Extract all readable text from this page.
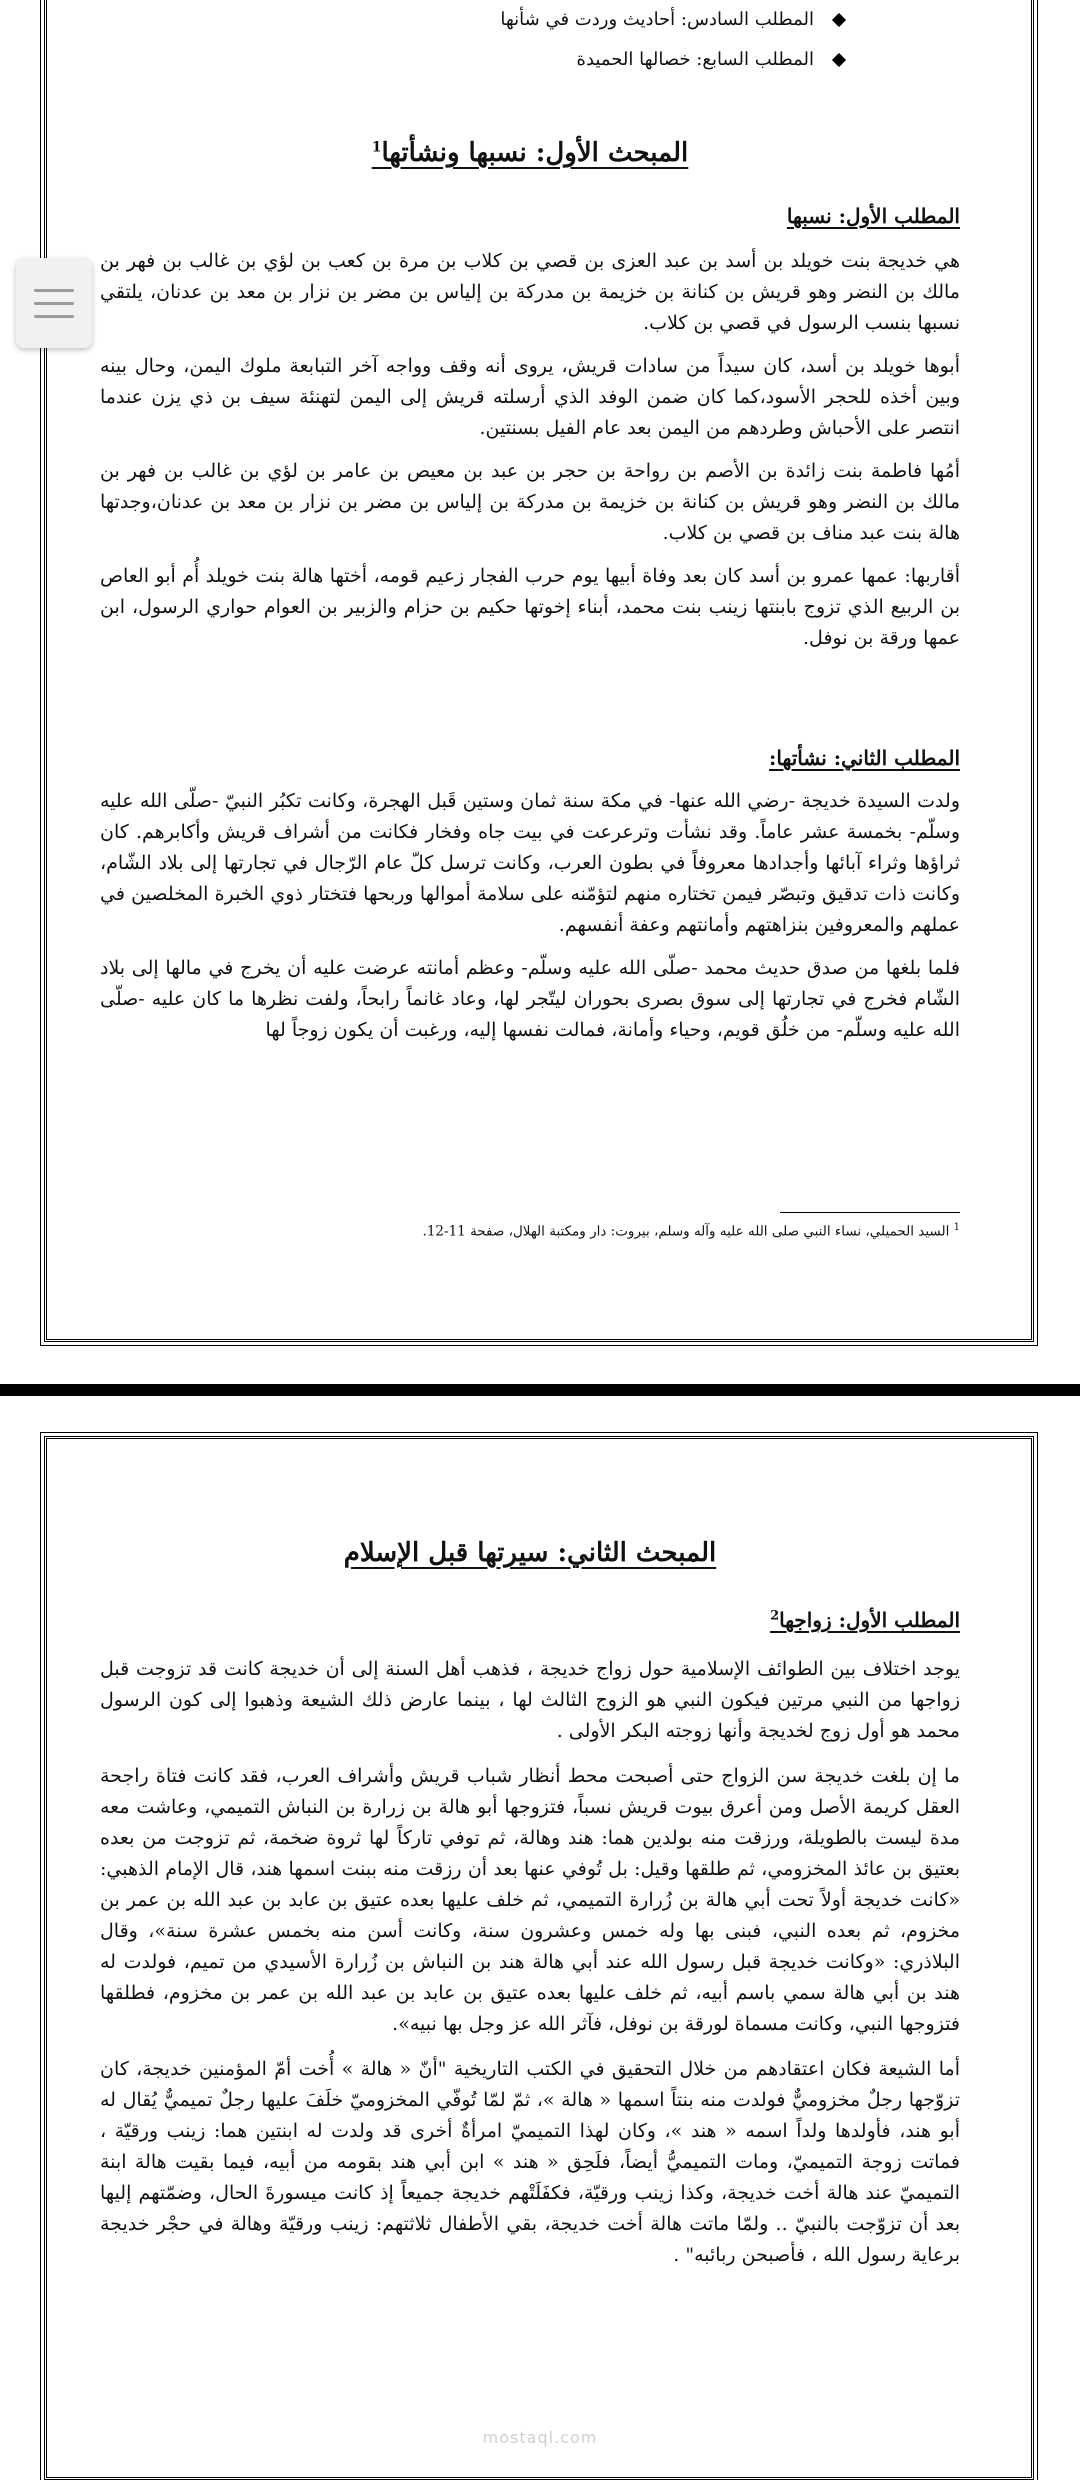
المطلب السادس: أحاديث وردت في شأنها
المطلب السابع: خصالها الحميدة
المبحث الأول: نسبها ونشأتها$^1$
المطلب الأول: نسبها

هي خديجة بنت خويلد بن أسد بن عبد العزى بن قصي بن كلاب بن مرة بن كعب بن لؤي بن غالب بن فهر بن مالك بن النضر وهو قريش بن كنانة بن خزيمة بن مدركة بن إلياس بن مضر بن نزار بن معد بن عدنان، يلتقي نسبها بنسب الرسول في قصي بن كلاب.

أبوها خويلد بن أسد، كان سيداً من سادات قريش، يروى أنه وقف وواجه آخر التبابعة ملوك اليمن، وحال بينه وبين أخذه للحجر الأسود،كما كان ضمن الوفد الذي أرسلته قريش إلى اليمن لتهنئة سيف بن ذي يزن عندما انتصر على الأحباش وطردهم من اليمن بعد عام الفيل بسنتين.

أمُها فاطمة بنت زائدة بن الأصم بن رواحة بن حجر بن عبد بن معيص بن عامر بن لؤي بن غالب بن فهر بن مالك بن النضر وهو قريش بن كنانة بن خزيمة بن مدركة بن إلياس بن مضر بن نزار بن معد بن عدنان،وجدتها هالة بنت عبد مناف بن قصي بن كلاب.

أقاربها: عمها عمرو بن أسد كان بعد وفاة أبيها يوم حرب الفجار زعيم قومه، أختها هالة بنت خويلد أُم أبو العاص بن الربيع الذي تزوج بابنتها زينب بنت محمد، أبناء إخوتها حكيم بن حزام والزبير بن العوام حواري الرسول، ابن عمها ورقة بن نوفل.

المطلب الثاني: نشأتها:

ولدت السيدة خديجة -رضي الله عنها- في مكة سنة ثمان وستين قَبل الهجرة، وكانت تكبُر النبيّ -صلّى الله عليه وسلّم- بخمسة عشر عاماً. وقد نشأت وترعرعت في بيت جاه وفخار فكانت من أشراف قريش وأكابرهم. كان ثراؤها وثراء آبائها وأجدادها معروفاً في بطون العرب، وكانت ترسل كلّ عام الرّجال في تجارتها إلى بلاد الشّام، وكانت ذات تدقيق وتبصّر فيمن تختاره منهم لتؤمّنه على سلامة أموالها وربحها فتختار ذوي الخبرة المخلصين في عملهم والمعروفين بنزاهتهم وأمانتهم وعفة أنفسهم.

فلما بلغها من صدق حديث محمد -صلّى الله عليه وسلّم- وعظم أمانته عرضت عليه أن يخرج في مالها إلى بلاد الشّام فخرج في تجارتها إلى سوق بصرى بحوران ليتّجر لها، وعاد غانماً رابحاً، ولفت نظرها ما كان عليه -صلّى الله عليه وسلّم- من خلُق قويم، وحياء وأمانة، فمالت نفسها إليه، ورغبت أن يكون زوجاً لها

$^1$ السيد الحميلي، نساء النبي صلى الله عليه وآله وسلم، بيروت: دار ومكتبة الهلال، صفحة 11-12.
المبحث الثاني: سيرتها قبل الإسلام
المطلب الأول: زواجها$^2$

يوجد اختلاف بين الطوائف الإسلامية حول زواج خديجة ، فذهب أهل السنة إلى أن خديجة كانت قد تزوجت قبل زواجها من النبي مرتين فيكون النبي هو الزوج الثالث لها ، بينما عارض ذلك الشيعة وذهبوا إلى كون الرسول محمد هو أول زوج لخديجة وأنها زوجته البكر الأولى .

ما إن بلغت خديجة سن الزواج حتى أصبحت محط أنظار شباب قريش وأشراف العرب، فقد كانت فتاة راجحة العقل كريمة الأصل ومن أعرق بيوت قريش نسباً، فتزوجها أبو هالة بن زرارة بن النباش التميمي، وعاشت معه مدة ليست بالطويلة، ورزقت منه بولدين هما: هند وهالة، ثم توفي تاركاً لها ثروة ضخمة، ثم تزوجت من بعده بعتيق بن عائذ المخزومي، ثم طلقها وقيل: بل تُوفي عنها بعد أن رزقت منه ببنت اسمها هند، قال الإمام الذهبي: «كانت خديجة أولاً تحت أبي هالة بن زُرارة التميمي، ثم خلف عليها بعده عتيق بن عابد بن عبد الله بن عمر بن مخزوم، ثم بعده النبي، فبنى بها وله خمس وعشرون سنة، وكانت أسن منه بخمس عشرة سنة»، وقال البلاذري: «وكانت خديجة قبل رسول الله عند أبي هالة هند بن النباش بن زُرارة الأسيدي من تميم، فولدت له هند بن أبي هالة سمي باسم أبيه، ثم خلف عليها بعده عتيق بن عابد بن عبد الله بن عمر بن مخزوم، فطلقها فتزوجها النبي، وكانت مسماة لورقة بن نوفل، فآثر الله عز وجل بها نبيه».

أما الشيعة فكان اعتقادهم من خلال التحقيق في الكتب التاريخية "أنّ « هالة » أُخت أمّ المؤمنين خديجة، كان تزوّجها رجلٌ مخزوميٌّ فولدت منه بنتاً اسمها « هالة »، ثمّ لمّا تُوفّي المخزوميّ خلَفَ عليها رجلٌ تميميٌّ يُقال له أبو هند، فأولدها ولداً اسمه « هند »، وكان لهذا التميميّ امرأةٌ أخرى قد ولدت له ابنتين هما: زينب ورقيّة ، فماتت زوجة التميميّ، ومات التميميُّ أيضاً، فلَحِق « هند » ابن أبي هند بقومه من أبيه، فيما بقيت هالة ابنة التميميّ عند هالة أخت خديجة، وكذا زينب ورقيّة، فكفَلَتْهم خديجة جميعاً إذ كانت ميسورةَ الحال، وضمّتهم إليها بعد أن تزوّجت بالنبيّ .. ولمّا ماتت هالة أخت خديجة، بقي الأطفال ثلاثتهم: زينب ورقيّة وهالة في حجْر خديجة برعاية رسول الله ، فأصبحن ربائبه" .

mostaql.com
